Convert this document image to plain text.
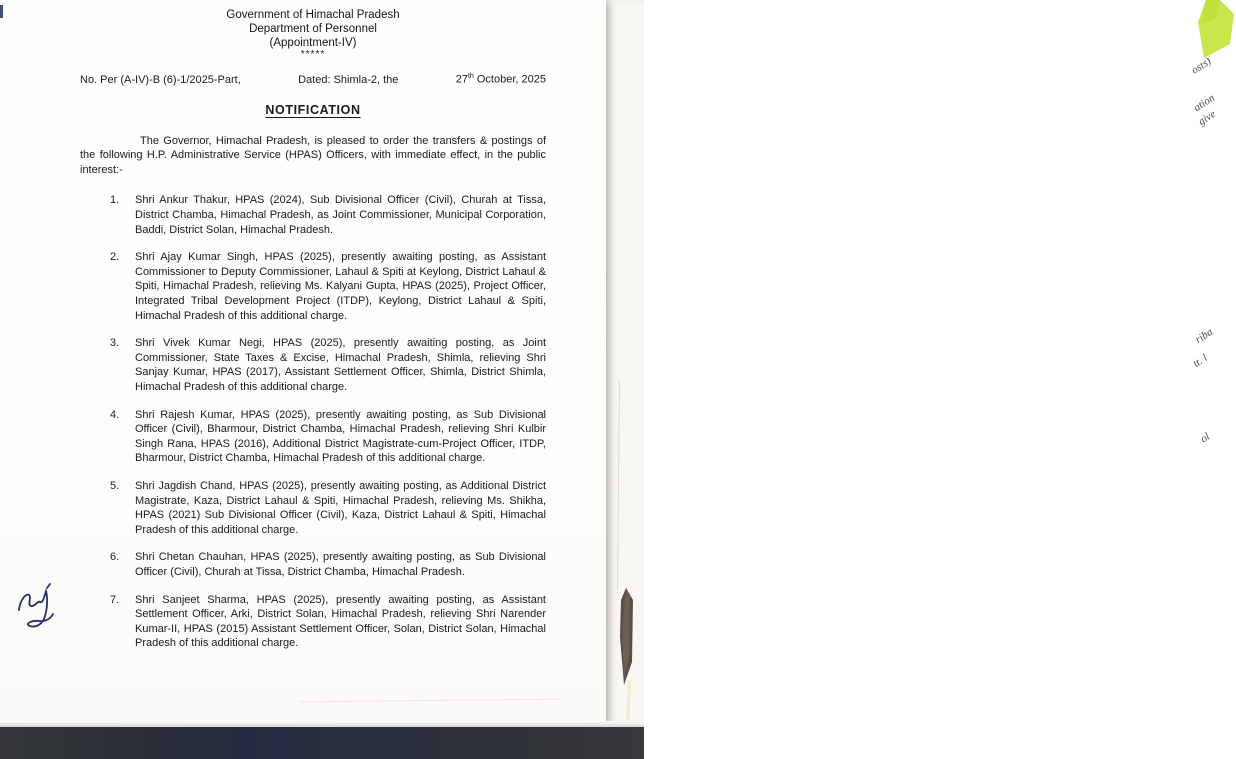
osts)
ation
give
riba
tt. l
ol
Government of Himachal Pradesh
Department of Personnel
(Appointment-IV)
*****
No. Per (A-IV)-B (6)-1/2025-Part,	Dated: Shimla-2, the	27th October, 2025
NOTIFICATION

The Governor, Himachal Pradesh, is pleased to order the transfers & postings of the following H.P. Administrative Service (HPAS) Officers, with immediate effect, in the public interest:-

1.	Shri Ankur Thakur, HPAS (2024), Sub Divisional Officer (Civil), Churah at Tissa, District Chamba, Himachal Pradesh, as Joint Commissioner, Municipal Corporation, Baddi, District Solan, Himachal Pradesh.
2.	Shri Ajay Kumar Singh, HPAS (2025), presently awaiting posting, as Assistant Commissioner to Deputy Commissioner, Lahaul & Spiti at Keylong, District Lahaul & Spiti, Himachal Pradesh, relieving Ms. Kalyani Gupta, HPAS (2025), Project Officer, Integrated Tribal Development Project (ITDP), Keylong, District Lahaul & Spiti, Himachal Pradesh of this additional charge.
3.	Shri Vivek Kumar Negi, HPAS (2025), presently awaiting posting, as Joint Commissioner, State Taxes & Excise, Himachal Pradesh, Shimla, relieving Shri Sanjay Kumar, HPAS (2017), Assistant Settlement Officer, Shimla, District Shimla, Himachal Pradesh of this additional charge.
4.	Shri Rajesh Kumar, HPAS (2025), presently awaiting posting, as Sub Divisional Officer (Civil), Bharmour, District Chamba, Himachal Pradesh, relieving Shri Kulbir Singh Rana, HPAS (2016), Additional District Magistrate-cum-Project Officer, ITDP, Bharmour, District Chamba, Himachal Pradesh of this additional charge.
5.	Shri Jagdish Chand, HPAS (2025), presently awaiting posting, as Additional District Magistrate, Kaza, District Lahaul & Spiti, Himachal Pradesh, relieving Ms. Shikha, HPAS (2021) Sub Divisional Officer (Civil), Kaza, District Lahaul & Spiti, Himachal Pradesh of this additional charge.
6.	Shri Chetan Chauhan, HPAS (2025), presently awaiting posting, as Sub Divisional Officer (Civil), Churah at Tissa, District Chamba, Himachal Pradesh.
7.	Shri Sanjeet Sharma, HPAS (2025), presently awaiting posting, as Assistant Settlement Officer, Arki, District Solan, Himachal Pradesh, relieving Shri Narender Kumar-II, HPAS (2015) Assistant Settlement Officer, Solan, District Solan, Himachal Pradesh of this additional charge.
